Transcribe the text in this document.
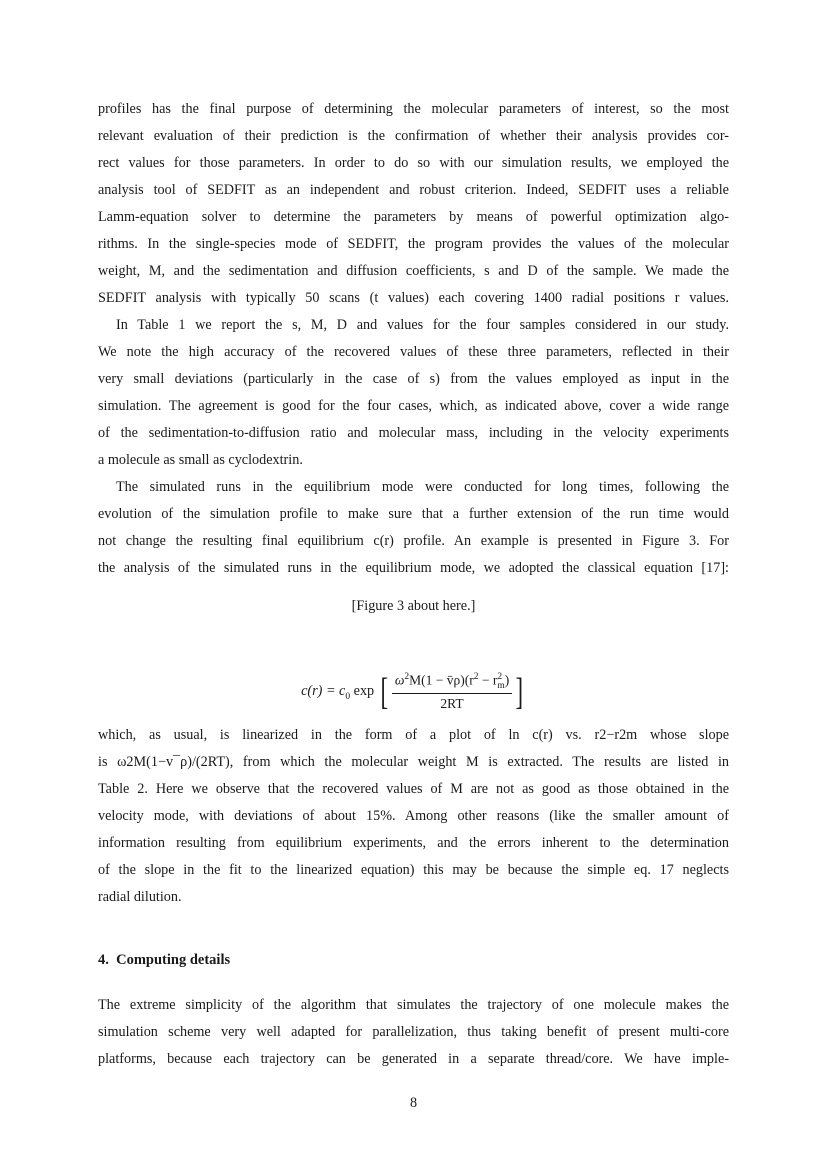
profiles has the final purpose of determining the molecular parameters of interest, so the most
relevant evaluation of their prediction is the confirmation of whether their analysis provides cor-
rect values for those parameters. In order to do so with our simulation results, we employed the
analysis tool of SEDFIT as an independent and robust criterion. Indeed, SEDFIT uses a reliable
Lamm-equation solver to determine the parameters by means of powerful optimization algo-
rithms. In the single-species mode of SEDFIT, the program provides the values of the molecular
weight, M, and the sedimentation and diffusion coefficients, s and D of the sample. We made the
SEDFIT analysis with typically 50 scans (t values) each covering 1400 radial positions r values.
In Table 1 we report the s, M, D and values for the four samples considered in our study.
We note the high accuracy of the recovered values of these three parameters, reflected in their
very small deviations (particularly in the case of s) from the values employed as input in the
simulation. The agreement is good for the four cases, which, as indicated above, cover a wide range
of the sedimentation-to-diffusion ratio and molecular mass, including in the velocity experiments
a molecule as small as cyclodextrin.
The simulated runs in the equilibrium mode were conducted for long times, following the
evolution of the simulation profile to make sure that a further extension of the run time would
not change the resulting final equilibrium c(r) profile. An example is presented in Figure 3. For
the analysis of the simulated runs in the equilibrium mode, we adopted the classical equation [17]:
[Figure 3 about here.]
$c(r) = c_0$ exp [ $\omega^2M(1$ − $v̄\rho)(r^2 - r$ 2
m )
2RT ]
which, as usual, is linearized in the form of a plot of ln c(r) vs. r2−r2m whose slope
is ω2M(1−v¯ρ)/(2RT), from which the molecular weight M is extracted. The results are listed in
Table 2. Here we observe that the recovered values of M are not as good as those obtained in the
velocity mode, with deviations of about 15%. Among other reasons (like the smaller amount of
information resulting from equilibrium experiments, and the errors inherent to the determination
of the slope in the fit to the linearized equation) this may be because the simple eq. 17 neglects
radial dilution.
4. Computing details
The extreme simplicity of the algorithm that simulates the trajectory of one molecule makes the
simulation scheme very well adapted for parallelization, thus taking benefit of present multi-core
platforms, because each trajectory can be generated in a separate thread/core. We have imple-
8
